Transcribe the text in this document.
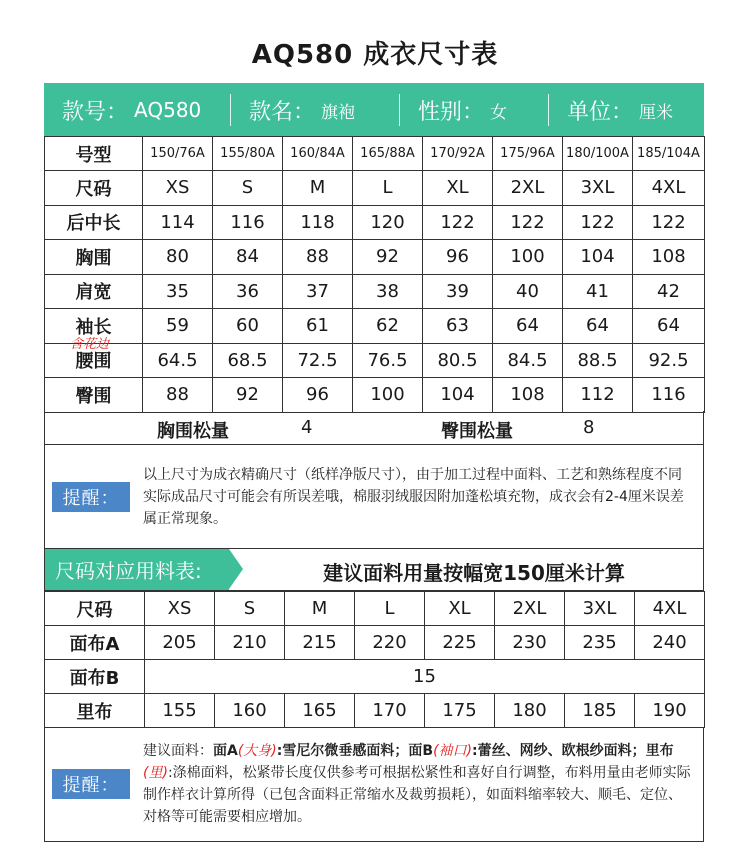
AQ580 成衣尺寸表
款号： AQ580 款名： 旗袍	性别： 女	单位： 厘米
号型	150/76A	155/80A	160/84A	165/88A	170/92A	175/96A	180/100A	185/104A
尺码	XS	S	M	L	XL	2XL	3XL	4XL
后中长	114	116	118	120	122	122	122	122
胸围	80	84	88	92	96	100	104	108
肩宽	35	36	37	38	39	40	41	42
袖长	59	60	61	62	63	64	64	64
腰围	64.5	68.5	72.5	76.5	80.5	84.5	88.5	92.5
臀围	88	92	96	100	104	108	112	116
含花边
胸围松量	4	臀围松量	8
提醒：
以上尺寸为成衣精确尺寸（纸样净版尺寸），由于加工过程中面料、工艺和熟练程度不同实际成品尺寸可能会有所误差哦，棉服羽绒服因附加蓬松填充物，成衣会有2-4厘米误差属正常现象。
尺码对应用料表:	建议面料用量按幅宽150厘米计算
尺码	XS	S	M	L	XL	2XL	3XL	4XL
面布A	205	210	215	220	225	230	235	240
面布B	15							
里布	155	160	165	170	175	180	185	190
提醒：
建议面料：面A(大身):雪尼尔微垂感面料；面B(袖口):蕾丝、网纱、欧根纱面料；里布(里):涤棉面料，松紧带长度仅供参考可根据松紧性和喜好自行调整，布料用量由老师实际制作样衣计算所得（已包含面料正常缩水及裁剪损耗），如面料缩率较大、顺毛、定位、对格等可能需要相应增加。
